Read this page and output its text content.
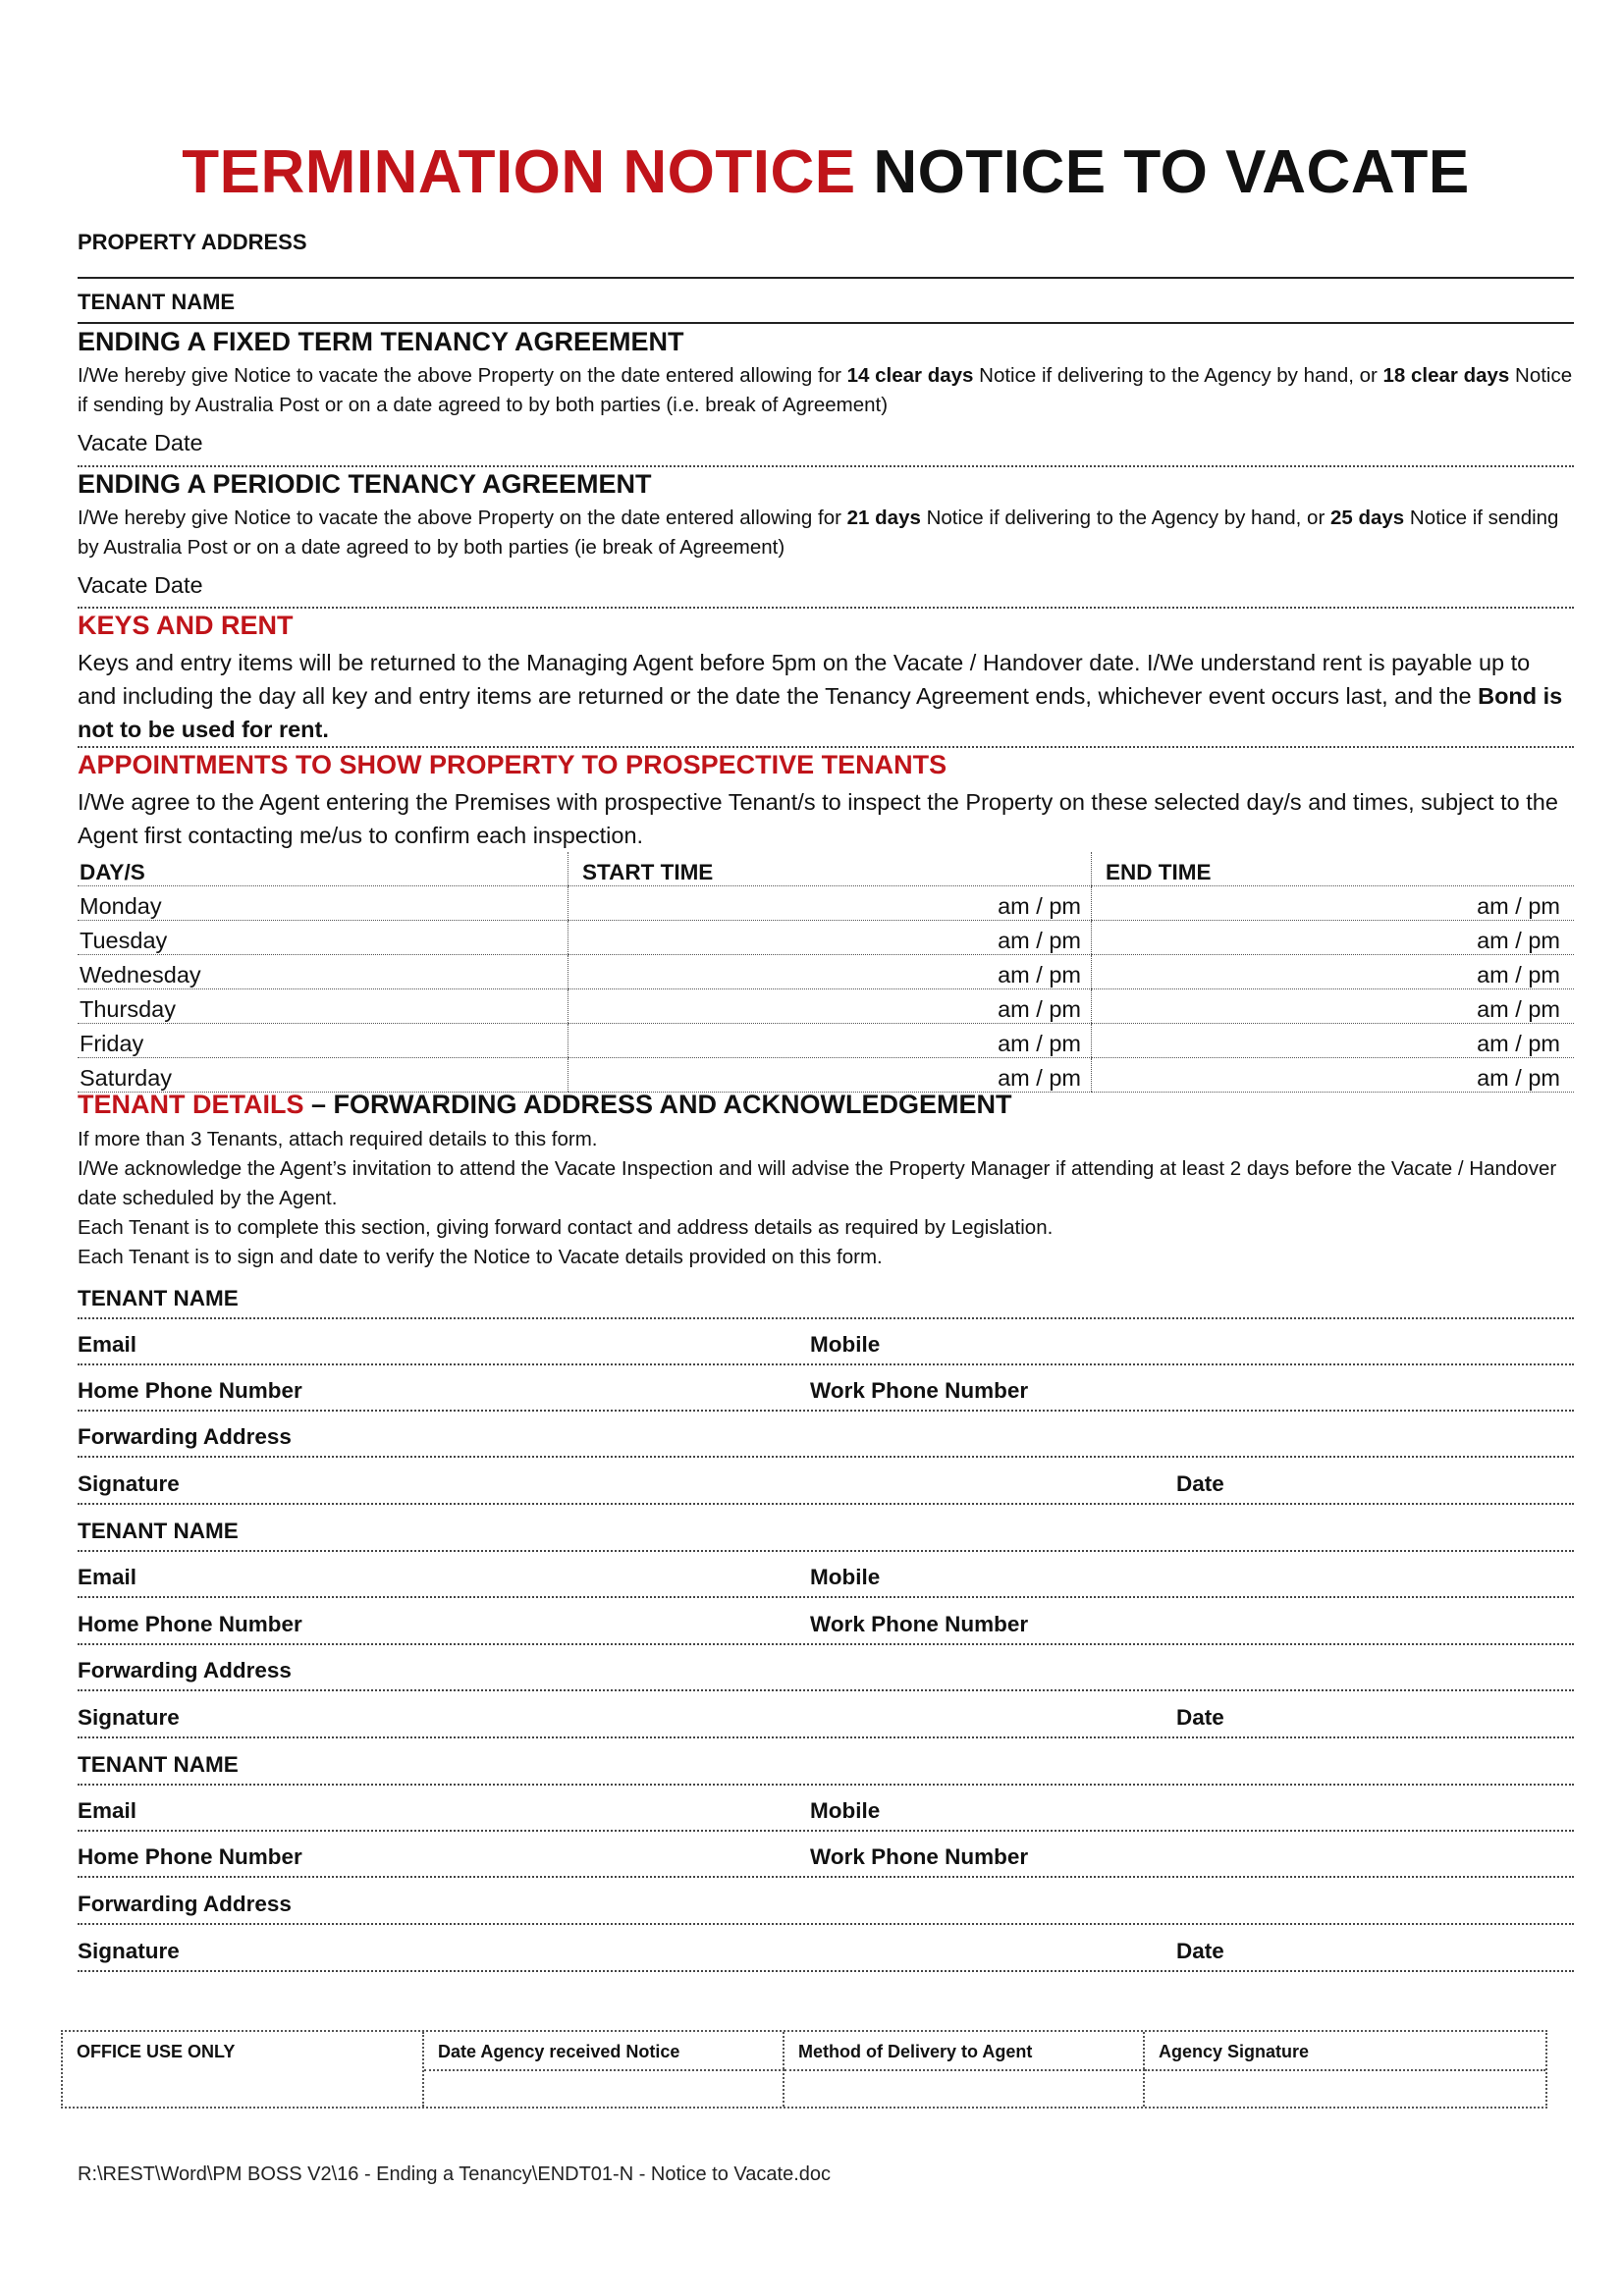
TERMINATION NOTICE NOTICE TO VACATE
PROPERTY ADDRESS
TENANT NAME
ENDING A FIXED TERM TENANCY AGREEMENT
I/We hereby give Notice to vacate the above Property on the date entered allowing for 14 clear days Notice if delivering to the Agency by hand, or 18 clear days Notice if sending by Australia Post or on a date agreed to by both parties (i.e. break of Agreement)
Vacate Date
ENDING A PERIODIC TENANCY AGREEMENT
I/We hereby give Notice to vacate the above Property on the date entered allowing for 21 days Notice if delivering to the Agency by hand, or 25 days Notice if sending by Australia Post or on a date agreed to by both parties (ie break of Agreement)
Vacate Date
KEYS AND RENT
Keys and entry items will be returned to the Managing Agent before 5pm on the Vacate / Handover date. I/We understand rent is payable up to and including the day all key and entry items are returned or the date the Tenancy Agreement ends, whichever event occurs last, and the Bond is not to be used for rent.
APPOINTMENTS TO SHOW PROPERTY TO PROSPECTIVE TENANTS
I/We agree to the Agent entering the Premises with prospective Tenant/s to inspect the Property on these selected day/s and times, subject to the Agent first contacting me/us to confirm each inspection.
DAY/S	START TIME	END TIME
Monday	am / pm	am / pm
Tuesday	am / pm	am / pm
Wednesday	am / pm	am / pm
Thursday	am / pm	am / pm
Friday	am / pm	am / pm
Saturday	am / pm	am / pm
TENANT DETAILS – FORWARDING ADDRESS AND ACKNOWLEDGEMENT
If more than 3 Tenants, attach required details to this form.
I/We acknowledge the Agent’s invitation to attend the Vacate Inspection and will advise the Property Manager if attending at least 2 days before the Vacate / Handover date scheduled by the Agent.
Each Tenant is to complete this section, giving forward contact and address details as required by Legislation.
Each Tenant is to sign and date to verify the Notice to Vacate details provided on this form.
TENANT NAME
Email	Mobile
Home Phone Number	Work Phone Number
Forwarding Address
Signature	Date
TENANT NAME
Email	Mobile
Home Phone Number	Work Phone Number
Forwarding Address
Signature	Date
TENANT NAME
Email	Mobile
Home Phone Number	Work Phone Number
Forwarding Address
Signature	Date
OFFICE USE ONLY	Date Agency received Notice	Method of Delivery to Agent	Agency Signature
R:\REST\Word\PM BOSS V2\16 - Ending a Tenancy\ENDT01-N - Notice to Vacate.doc
